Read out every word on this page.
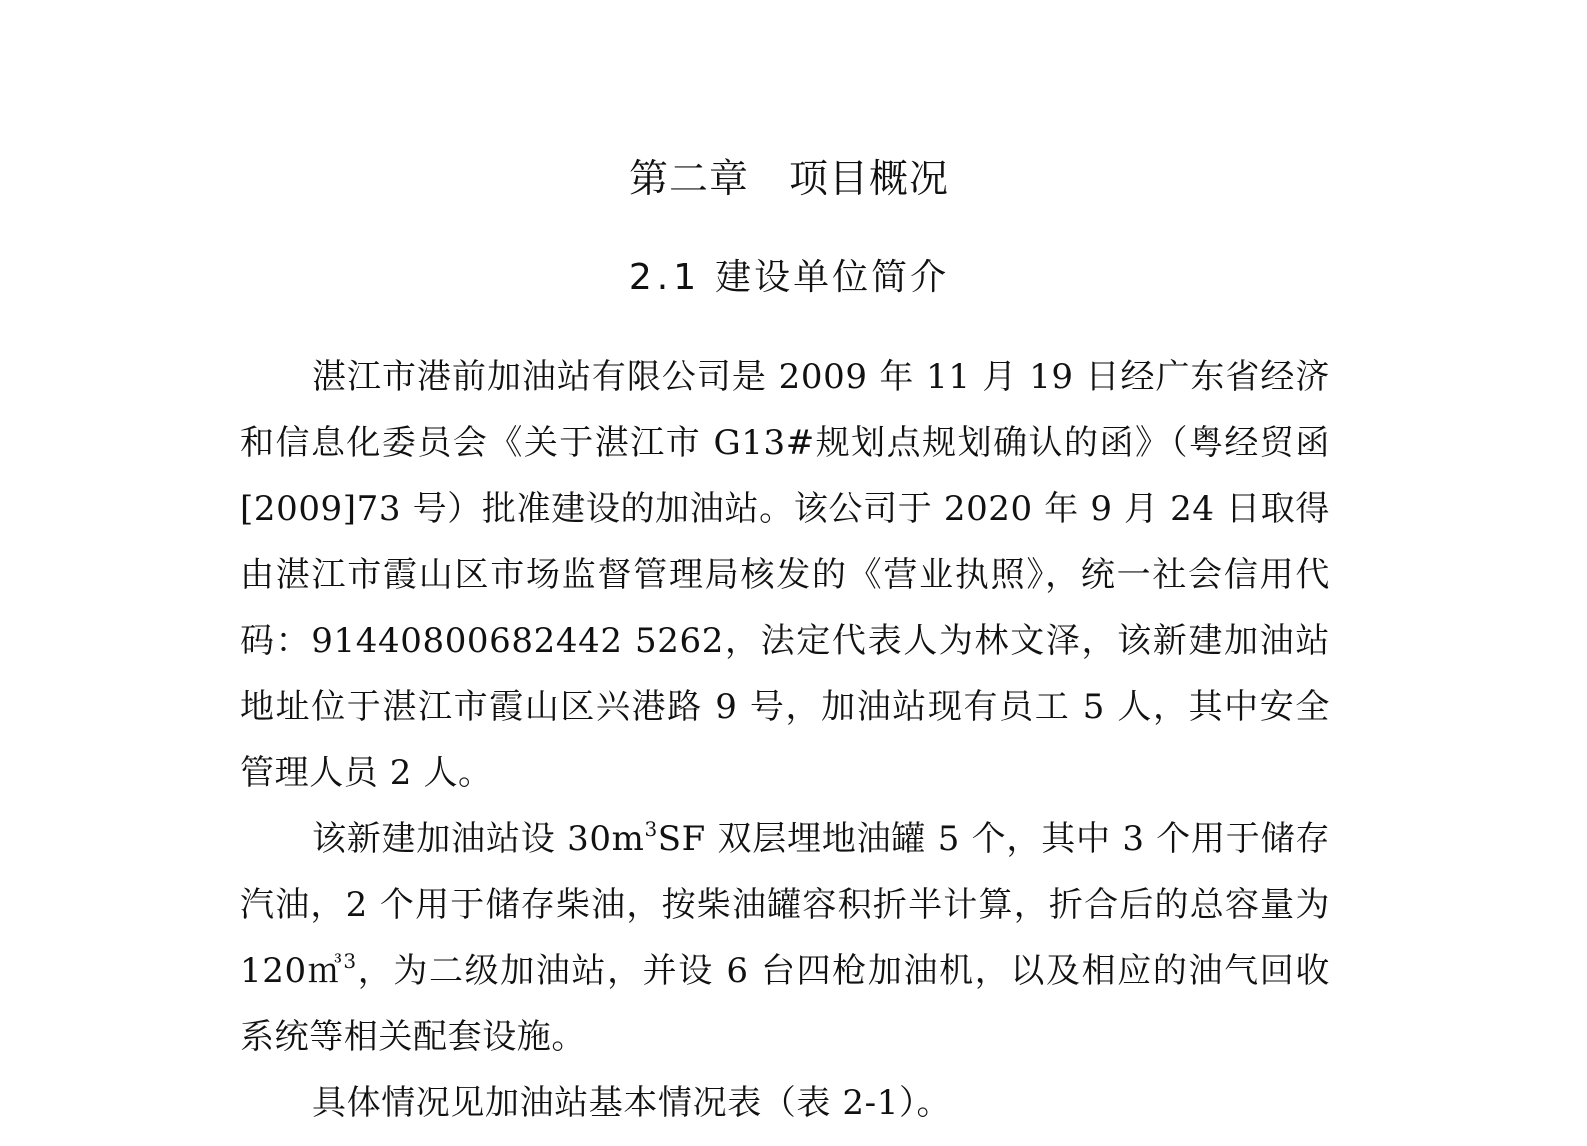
第二章 项目概况
2.1 建设单位简介

湛江市港前加油站有限公司是 2009 年 11 月 19 日经广东省经济和信息化委员会《关于湛江市 G13#规划点规划确认的函》（粤经贸函[2009]73 号）批准建设的加油站。该公司于 2020 年 9 月 24 日取得由湛江市霞山区市场监督管理局核发的《营业执照》，统一社会信用代码：91440800682442 5262，法定代表人为林文泽，该新建加油站地址位于湛江市霞山区兴港路 9 号，加油站现有员工 5 人，其中安全管理人员 2 人。

该新建加油站设 $30m^3SF$ 双层埋地油罐 5 个，其中 3 个用于储存汽油，2 个用于储存柴油，按柴油罐容积折半计算，折合后的总容量为 120㎥$^3$，为二级加油站，并设 6 台四枪加油机，以及相应的油气回收系统等相关配套设施。

具体情况见加油站基本情况表（表 2-1）。
